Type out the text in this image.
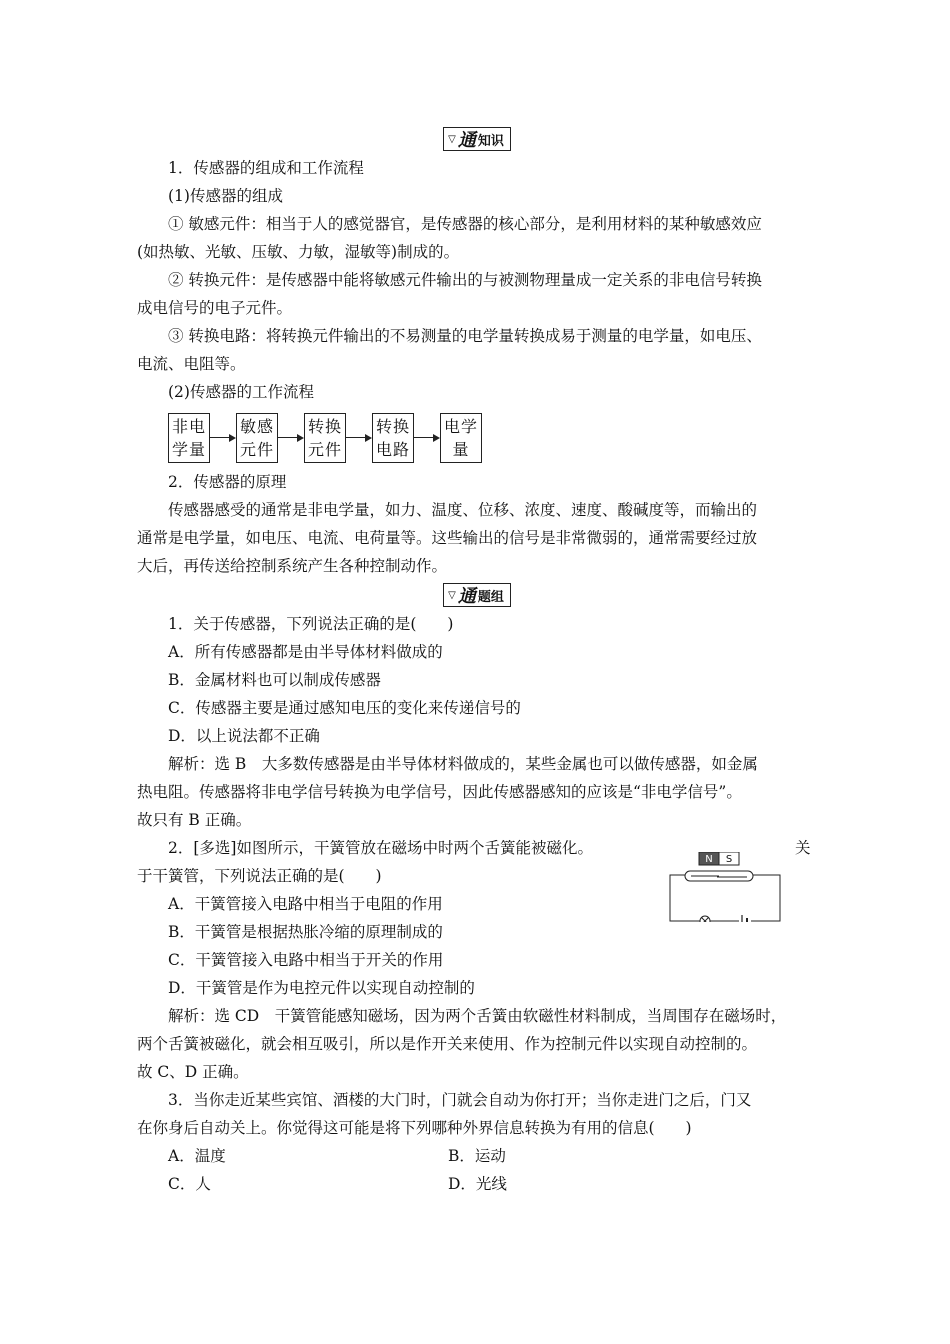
▽ 通 知识
1．传感器的组成和工作流程
(1)传感器的组成
① 敏感元件：相当于人的感觉器官，是传感器的核心部分，是利用材料的某种敏感效应
(如热敏、光敏、压敏、力敏，湿敏等)制成的。
② 转换元件：是传感器中能将敏感元件输出的与被测物理量成一定关系的非电信号转换
成电信号的电子元件。
③ 转换电路：将转换元件输出的不易测量的电学量转换成易于测量的电学量，如电压、
电流、电阻等。
(2)传感器的工作流程
非电
学量
敏感
元件
转换
元件
转换
电路
电学
量
2．传感器的原理
传感器感受的通常是非电学量，如力、温度、位移、浓度、速度、酸碱度等，而输出的
通常是电学量，如电压、电流、电荷量等。这些输出的信号是非常微弱的，通常需要经过放
大后，再传送给控制系统产生各种控制动作。
▽ 通 题组
1．关于传感器，下列说法正确的是(　　)
A．所有传感器都是由半导体材料做成的
B．金属材料也可以制成传感器
C．传感器主要是通过感知电压的变化来传递信号的
D．以上说法都不正确
解析：选 B　大多数传感器是由半导体材料做成的，某些金属也可以做传感器，如金属
热电阻。传感器将非电学信号转换为电学信号，因此传感器感知的应该是“非电学信号”。
故只有 B 正确。
2．[多选]如图所示，干簧管放在磁场中时两个舌簧能被磁化。	关
于干簧管，下列说法正确的是(　　)
A．干簧管接入电路中相当于电阻的作用
B．干簧管是根据热胀冷缩的原理制成的
C．干簧管接入电路中相当于开关的作用
D．干簧管是作为电控元件以实现自动控制的
解析：选 CD　干簧管能感知磁场，因为两个舌簧由软磁性材料制成，当周围存在磁场时，
两个舌簧被磁化，就会相互吸引，所以是作开关来使用、作为控制元件以实现自动控制的。
故 C、D 正确。
3．当你走近某些宾馆、酒楼的大门时，门就会自动为你打开；当你走进门之后，门又
在你身后自动关上。你觉得这可能是将下列哪种外界信息转换为有用的信息(　　)
A．温度	B．运动
C．人	D．光线
N S
